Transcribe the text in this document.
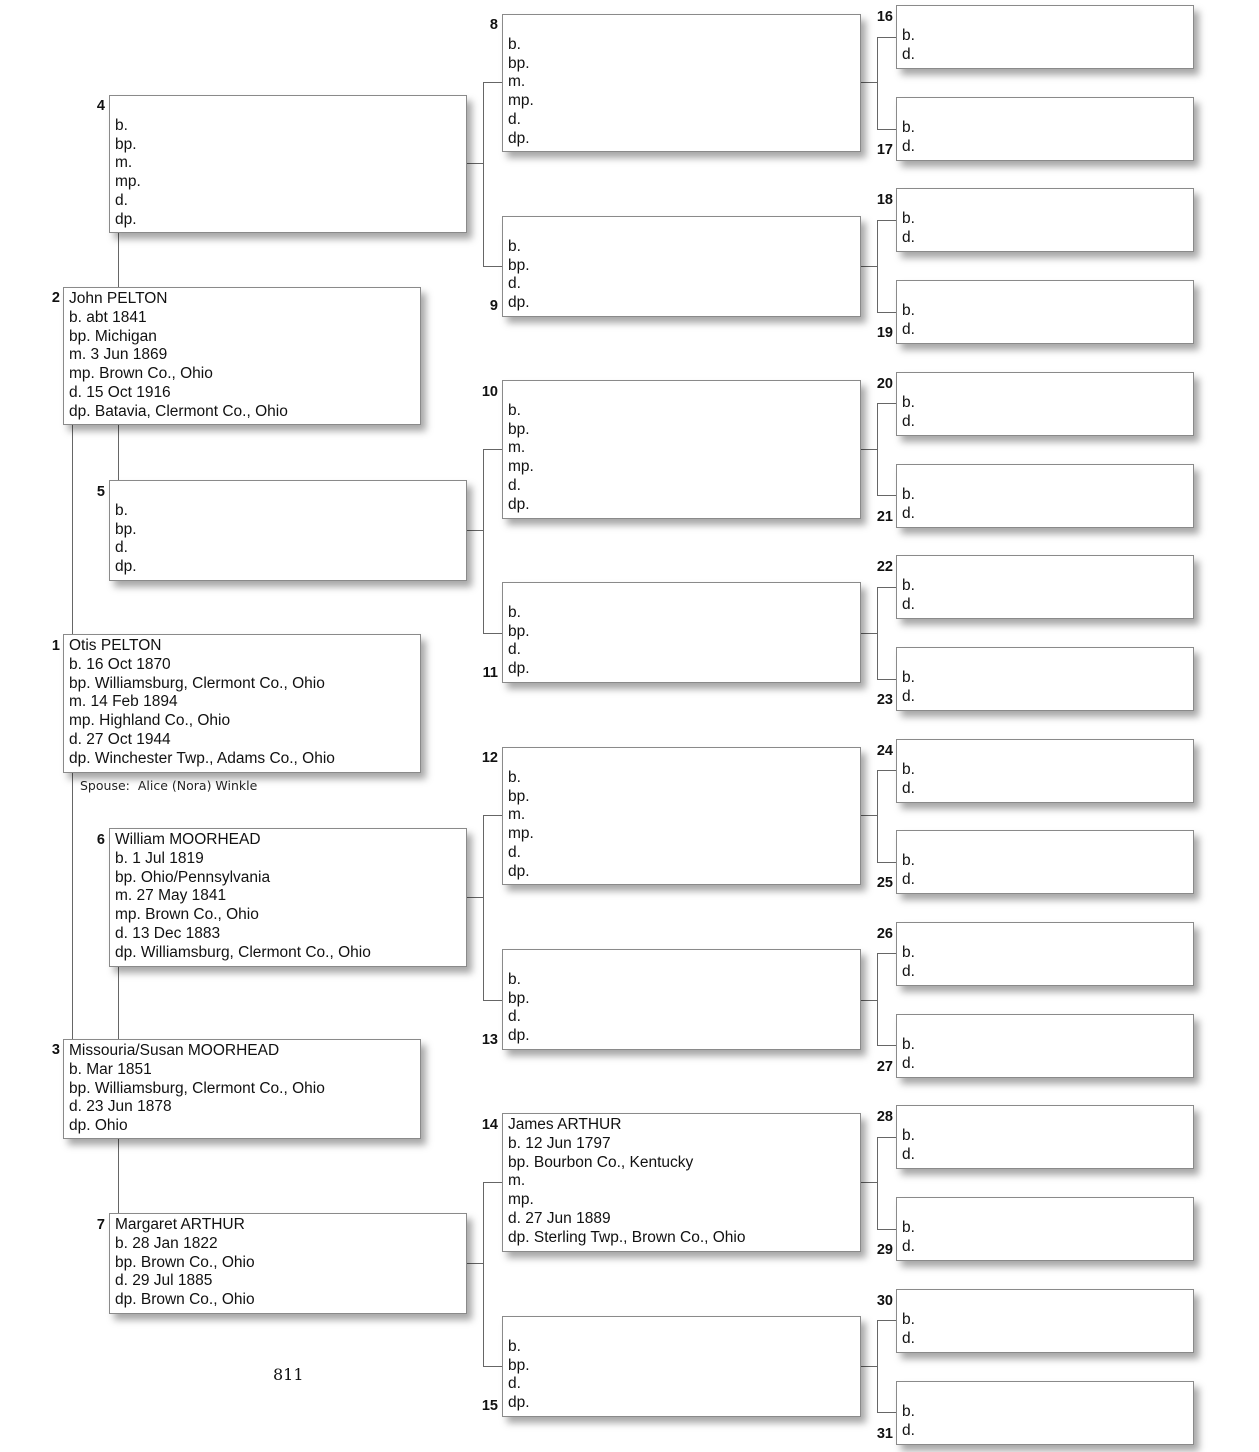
2 John PELTON
b. abt 1841
bp. Michigan
m. 3 Jun 1869
mp. Brown Co., Ohio
d. 15 Oct 1916
dp. Batavia, Clermont Co., Ohio
1 Otis PELTON
b. 16 Oct 1870
bp. Williamsburg, Clermont Co., Ohio
m. 14 Feb 1894
mp. Highland Co., Ohio
d. 27 Oct 1944
dp. Winchester Twp., Adams Co., Ohio
Spouse: Alice (Nora) Winkle
3 Missouria/Susan MOORHEAD
b. Mar 1851
bp. Williamsburg, Clermont Co., Ohio
d. 23 Jun 1878
dp. Ohio
4
b.
bp.
m.
mp.
d.
dp.
5
b.
bp.
d.
dp.
6 William MOORHEAD
b. 1 Jul 1819
bp. Ohio/Pennsylvania
m. 27 May 1841
mp. Brown Co., Ohio
d. 13 Dec 1883
dp. Williamsburg, Clermont Co., Ohio
7 Margaret ARTHUR
b. 28 Jan 1822
bp. Brown Co., Ohio
d. 29 Jul 1885
dp. Brown Co., Ohio
811
8
b.
bp.
m.
mp.
d.
dp.
9
b.
bp.
d.
dp.
10
b.
bp.
m.
mp.
d.
dp.
11
b.
bp.
d.
dp.
12
b.
bp.
m.
mp.
d.
dp.
13
b.
bp.
d.
dp.
14 James ARTHUR
b. 12 Jun 1797
bp. Bourbon Co., Kentucky
m.
mp.
d. 27 Jun 1889
dp. Sterling Twp., Brown Co., Ohio
15
b.
bp.
d.
dp.
16
b.
d.
17
b.
d.
18
b.
d.
19
b.
d.
20
b.
d.
21
b.
d.
22
b.
d.
23
b.
d.
24
b.
d.
25
b.
d.
26
b.
d.
27
b.
d.
28
b.
d.
29
b.
d.
30
b.
d.
31
b.
d.
